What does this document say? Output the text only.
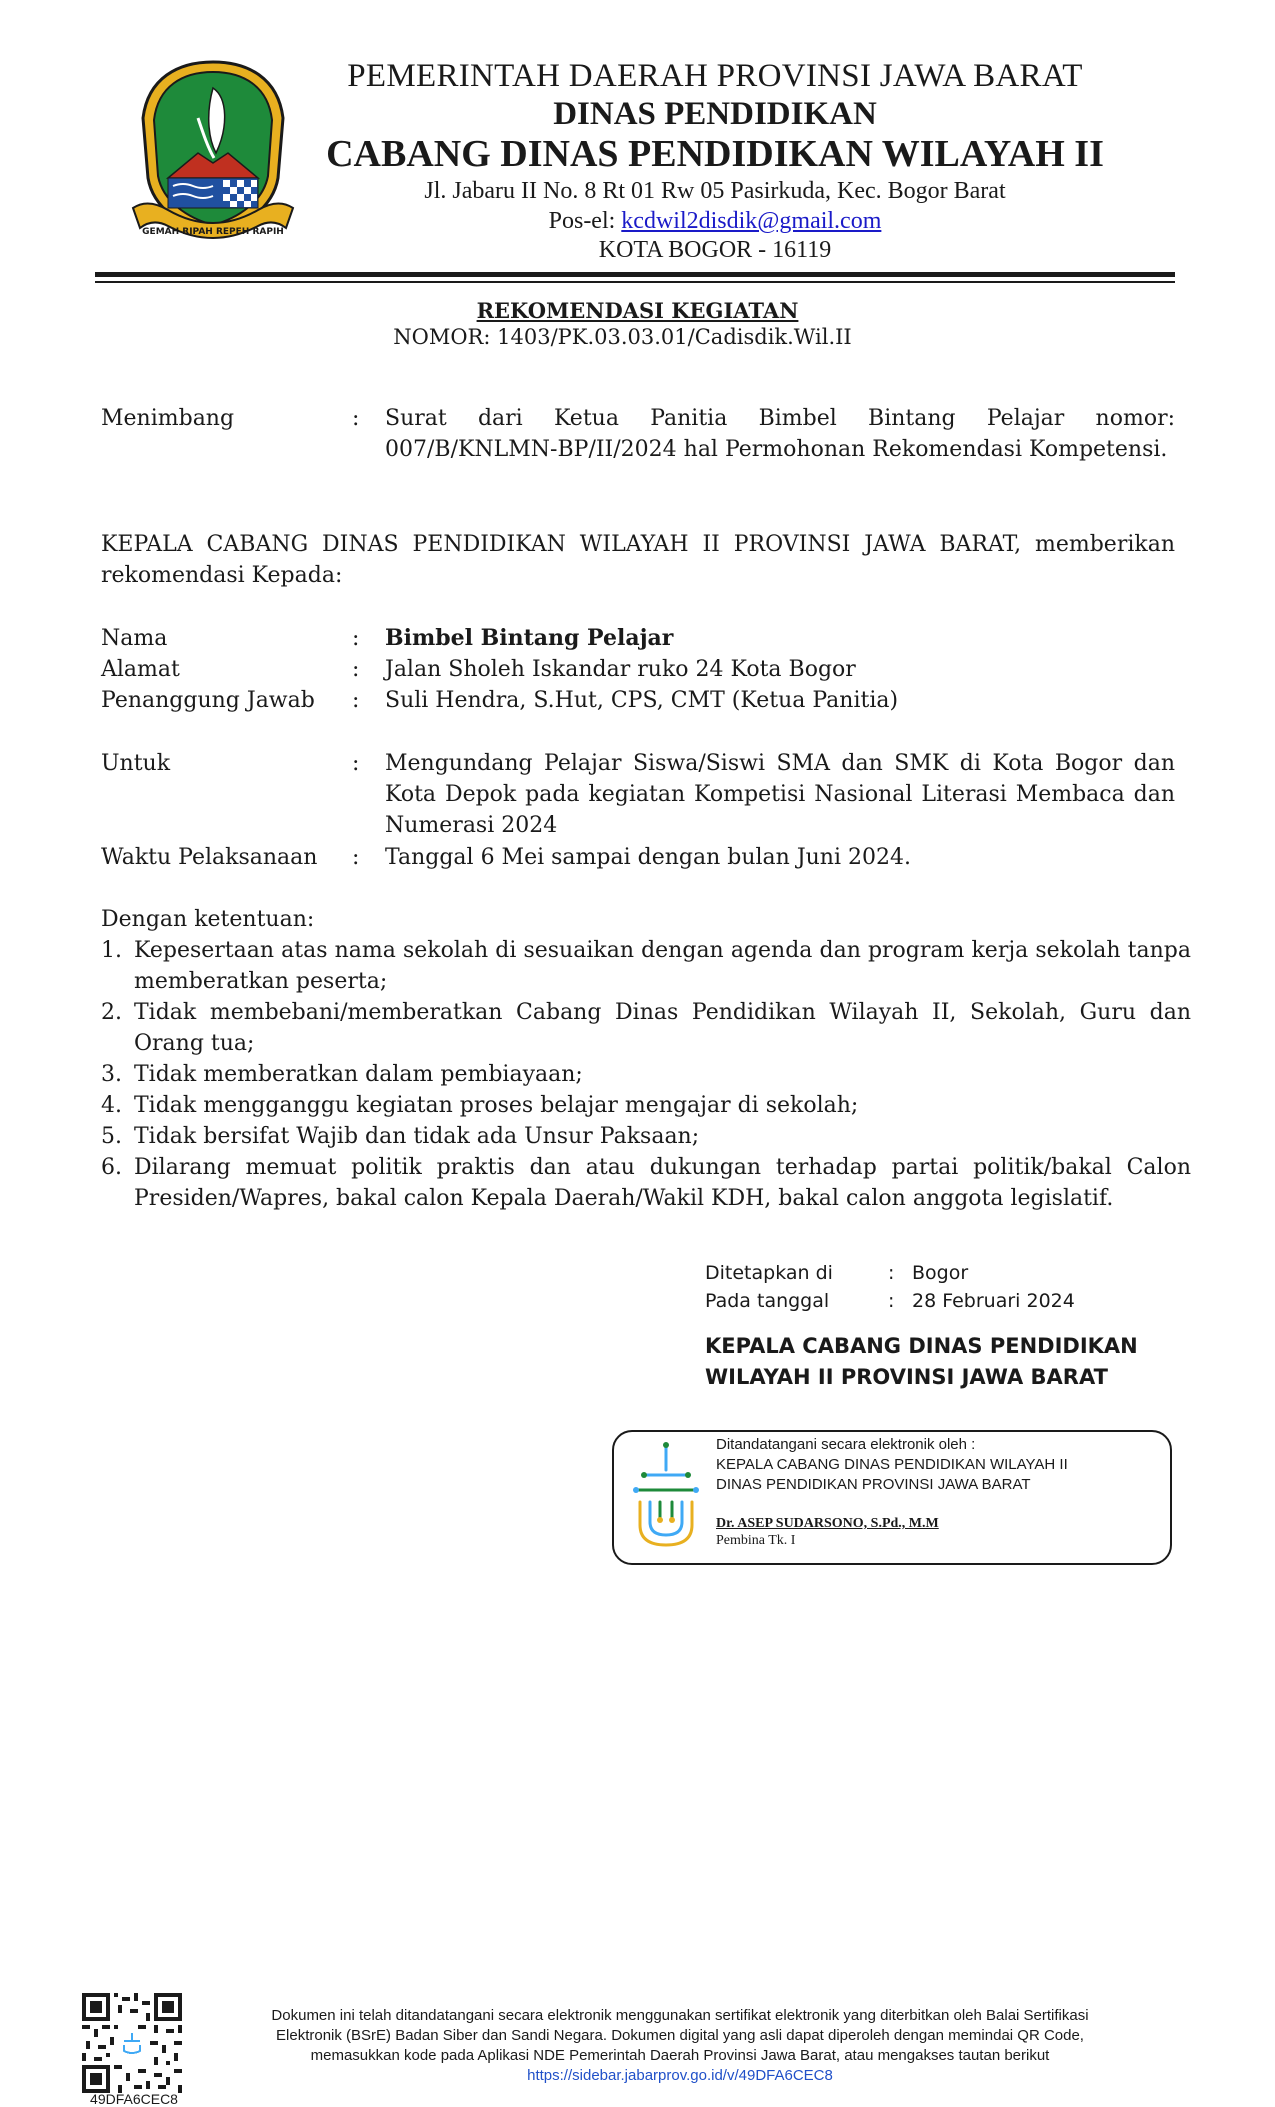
GEMAH RIPAH REPEH RAPIH
PEMERINTAH DAERAH PROVINSI JAWA BARAT
DINAS PENDIDIKAN
CABANG DINAS PENDIDIKAN WILAYAH II
Jl. Jabaru II No. 8 Rt 01 Rw 05 Pasirkuda, Kec. Bogor Barat
Pos-el: kcdwil2disdik@gmail.com
KOTA BOGOR - 16119
REKOMENDASI KEGIATAN
NOMOR: 1403/PK.03.03.01/Cadisdik.Wil.II
Menimbang	: Surat dari Ketua Panitia Bimbel Bintang Pelajar nomor: 007/B/KNLMN-BP/II/2024 hal Permohonan Rekomendasi Kompetensi.
KEPALA CABANG DINAS PENDIDIKAN WILAYAH II PROVINSI JAWA BARAT, memberikan rekomendasi Kepada:
Nama	: Bimbel Bintang Pelajar
Alamat	: Jalan Sholeh Iskandar ruko 24 Kota Bogor
Penanggung Jawab : Suli Hendra, S.Hut, CPS, CMT (Ketua Panitia)
Untuk	: Mengundang Pelajar Siswa/Siswi SMA dan SMK di Kota Bogor dan Kota Depok pada kegiatan Kompetisi Nasional Literasi Membaca dan Numerasi 2024
Waktu Pelaksanaan : Tanggal 6 Mei sampai dengan bulan Juni 2024.
Dengan ketentuan:
1. Kepesertaan atas nama sekolah di sesuaikan dengan agenda dan program kerja sekolah tanpa memberatkan peserta;
2. Tidak membebani/memberatkan Cabang Dinas Pendidikan Wilayah II, Sekolah, Guru dan Orang tua;
3. Tidak memberatkan dalam pembiayaan;
4. Tidak mengganggu kegiatan proses belajar mengajar di sekolah;
5. Tidak bersifat Wajib dan tidak ada Unsur Paksaan;
6. Dilarang memuat politik praktis dan atau dukungan terhadap partai politik/bakal Calon Presiden/Wapres, bakal calon Kepala Daerah/Wakil KDH, bakal calon anggota legislatif.
Ditetapkan di	: Bogor
Pada tanggal	: 28 Februari 2024
KEPALA CABANG DINAS PENDIDIKAN
WILAYAH II PROVINSI JAWA BARAT
Ditandatangani secara elektronik oleh :
KEPALA CABANG DINAS PENDIDIKAN WILAYAH II
DINAS PENDIDIKAN PROVINSI JAWA BARAT
Dr. ASEP SUDARSONO, S.Pd., M.M
Pembina Tk. I
49DFA6CEC8
Dokumen ini telah ditandatangani secara elektronik menggunakan sertifikat elektronik yang diterbitkan oleh Balai Sertifikasi
Elektronik (BSrE) Badan Siber dan Sandi Negara. Dokumen digital yang asli dapat diperoleh dengan memindai QR Code,
memasukkan kode pada Aplikasi NDE Pemerintah Daerah Provinsi Jawa Barat, atau mengakses tautan berikut
https://sidebar.jabarprov.go.id/v/49DFA6CEC8
